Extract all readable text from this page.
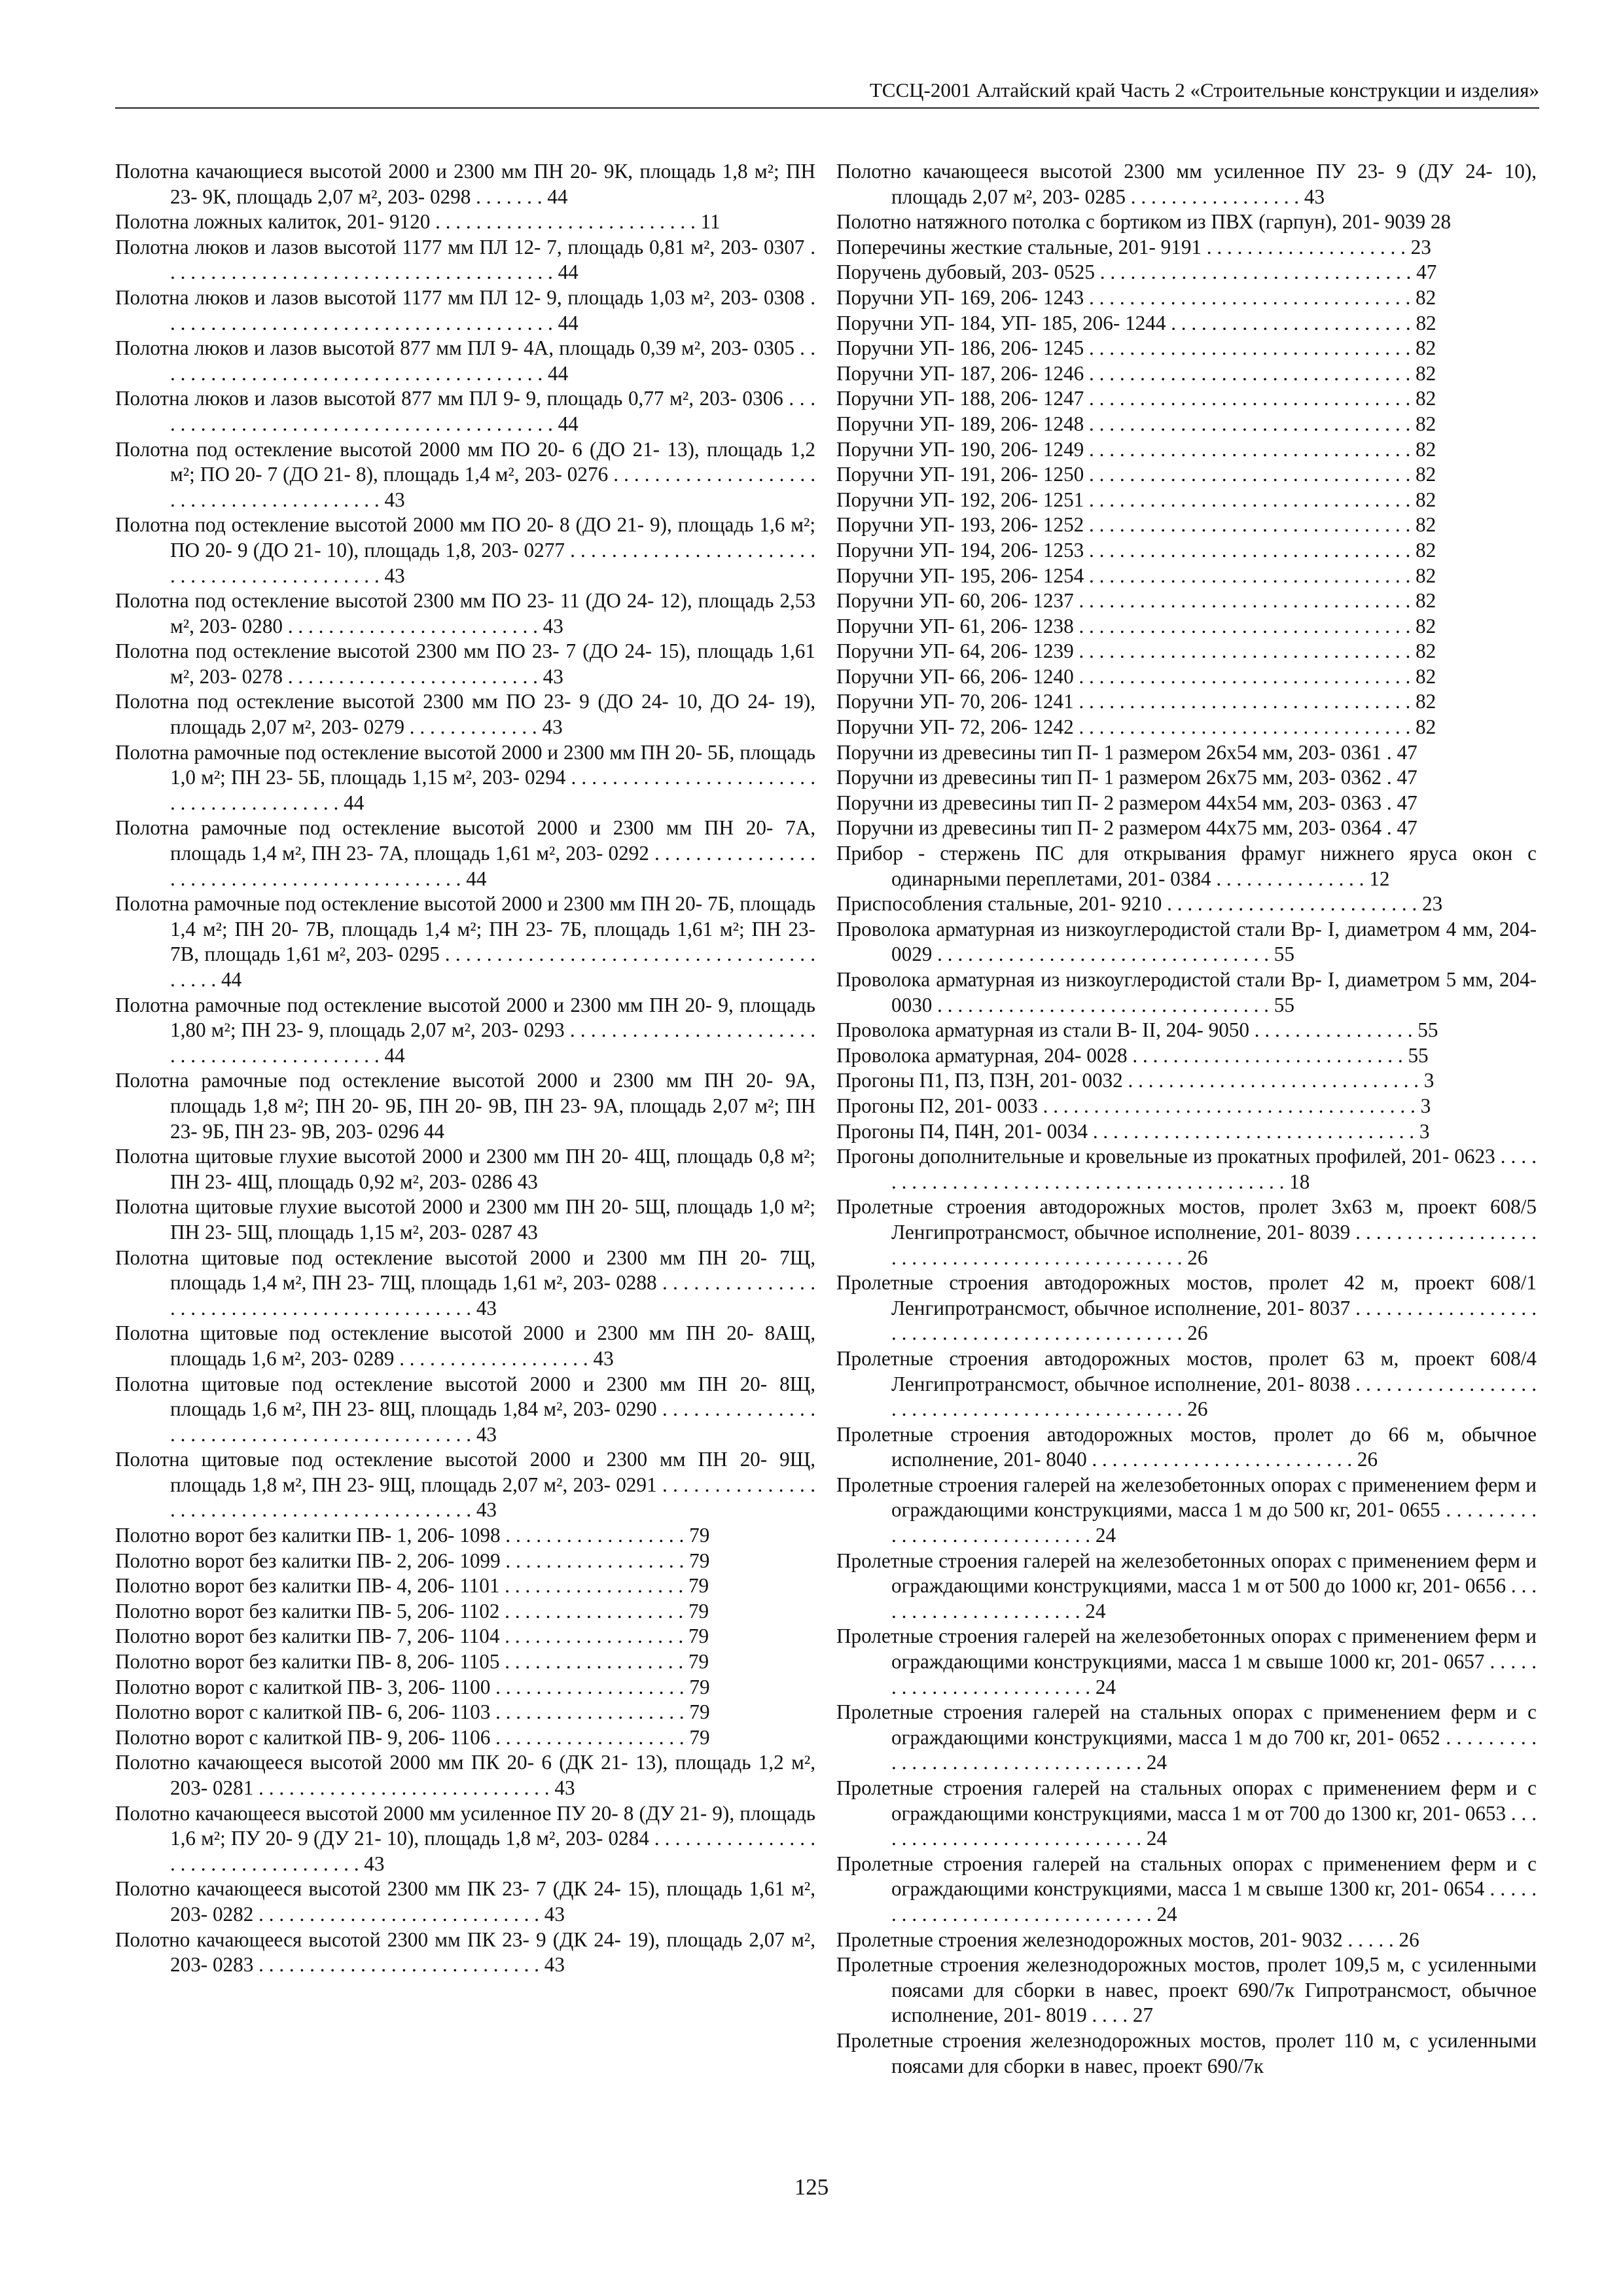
ТССЦ-2001 Алтайский край Часть 2 «Строительные конструкции и изделия»
Полотна качающиеся высотой 2000 и 2300 мм ПН 20- 9К, площадь 1,8 м²; ПН 23- 9К, площадь 2,07 м², 203- 0298 . . . . . . . 44
Полотна ложных калиток, 201- 9120 . . . . . . . . . . . . . . . . . . . . . . . . . . 11
Полотна люков и лазов высотой 1177 мм ПЛ 12- 7, площадь 0,81 м², 203- 0307 . . . . . . . . . . . . . . . . . . . . . . . . . . . . . . . . . . . . . . . 44
Полотна люков и лазов высотой 1177 мм ПЛ 12- 9, площадь 1,03 м², 203- 0308 . . . . . . . . . . . . . . . . . . . . . . . . . . . . . . . . . . . . . . . 44
Полотна люков и лазов высотой 877 мм ПЛ 9- 4А, площадь 0,39 м², 203- 0305 . . . . . . . . . . . . . . . . . . . . . . . . . . . . . . . . . . . . . . . 44
Полотна люков и лазов высотой 877 мм ПЛ 9- 9, площадь 0,77 м², 203- 0306 . . . . . . . . . . . . . . . . . . . . . . . . . . . . . . . . . . . . . . . . . 44
Полотна под остекление высотой 2000 мм ПО 20- 6 (ДО 21- 13), площадь 1,2 м²; ПО 20- 7 (ДО 21- 8), площадь 1,4 м², 203- 0276 . . . . . . . . . . . . . . . . . . . . . . . . . . . . . . . . . . . . . . . . . 43
Полотна под остекление высотой 2000 мм ПО 20- 8 (ДО 21- 9), площадь 1,6 м²; ПО 20- 9 (ДО 21- 10), площадь 1,8, 203- 0277 . . . . . . . . . . . . . . . . . . . . . . . . . . . . . . . . . . . . . . . . . . . . . 43
Полотна под остекление высотой 2300 мм ПО 23- 11 (ДО 24- 12), площадь 2,53 м², 203- 0280 . . . . . . . . . . . . . . . . . . . . . . . . . 43
Полотна под остекление высотой 2300 мм ПО 23- 7 (ДО 24- 15), площадь 1,61 м², 203- 0278 . . . . . . . . . . . . . . . . . . . . . . . . . 43
Полотна под остекление высотой 2300 мм ПО 23- 9 (ДО 24- 10, ДО 24- 19), площадь 2,07 м², 203- 0279 . . . . . . . . . . . . . 43
Полотна рамочные под остекление высотой 2000 и 2300 мм ПН 20- 5Б, площадь 1,0 м²; ПН 23- 5Б, площадь 1,15 м², 203- 0294 . . . . . . . . . . . . . . . . . . . . . . . . . . . . . . . . . . . . . . . . . 44
Полотна рамочные под остекление высотой 2000 и 2300 мм ПН 20- 7А, площадь 1,4 м², ПН 23- 7А, площадь 1,61 м², 203- 0292 . . . . . . . . . . . . . . . . . . . . . . . . . . . . . . . . . . . . . . . . . . . . . 44
Полотна рамочные под остекление высотой 2000 и 2300 мм ПН 20- 7Б, площадь 1,4 м²; ПН 20- 7В, площадь 1,4 м²; ПН 23- 7Б, площадь 1,61 м²; ПН 23- 7В, площадь 1,61 м², 203- 0295 . . . . . . . . . . . . . . . . . . . . . . . . . . . . . . . . . . . . . . . . . 44
Полотна рамочные под остекление высотой 2000 и 2300 мм ПН 20- 9, площадь 1,80 м²; ПН 23- 9, площадь 2,07 м², 203- 0293 . . . . . . . . . . . . . . . . . . . . . . . . . . . . . . . . . . . . . . . . . . . . . 44
Полотна рамочные под остекление высотой 2000 и 2300 мм ПН 20- 9А, площадь 1,8 м²; ПН 20- 9Б, ПН 20- 9В, ПН 23- 9А, площадь 2,07 м²; ПН 23- 9Б, ПН 23- 9В, 203- 0296 44
Полотна щитовые глухие высотой 2000 и 2300 мм ПН 20- 4Щ, площадь 0,8 м²; ПН 23- 4Щ, площадь 0,92 м², 203- 0286 43
Полотна щитовые глухие высотой 2000 и 2300 мм ПН 20- 5Щ, площадь 1,0 м²; ПН 23- 5Щ, площадь 1,15 м², 203- 0287 43
Полотна щитовые под остекление высотой 2000 и 2300 мм ПН 20- 7Щ, площадь 1,4 м², ПН 23- 7Щ, площадь 1,61 м², 203- 0288 . . . . . . . . . . . . . . . . . . . . . . . . . . . . . . . . . . . . . . . . . . . . . 43
Полотна щитовые под остекление высотой 2000 и 2300 мм ПН 20- 8АЩ, площадь 1,6 м², 203- 0289 . . . . . . . . . . . . . . . . . . . 43
Полотна щитовые под остекление высотой 2000 и 2300 мм ПН 20- 8Щ, площадь 1,6 м², ПН 23- 8Щ, площадь 1,84 м², 203- 0290 . . . . . . . . . . . . . . . . . . . . . . . . . . . . . . . . . . . . . . . . . . . . . 43
Полотна щитовые под остекление высотой 2000 и 2300 мм ПН 20- 9Щ, площадь 1,8 м², ПН 23- 9Щ, площадь 2,07 м², 203- 0291 . . . . . . . . . . . . . . . . . . . . . . . . . . . . . . . . . . . . . . . . . . . . . 43
Полотно ворот без калитки ПВ- 1, 206- 1098 . . . . . . . . . . . . . . . . . . 79
Полотно ворот без калитки ПВ- 2, 206- 1099 . . . . . . . . . . . . . . . . . . 79
Полотно ворот без калитки ПВ- 4, 206- 1101 . . . . . . . . . . . . . . . . . . 79
Полотно ворот без калитки ПВ- 5, 206- 1102 . . . . . . . . . . . . . . . . . . 79
Полотно ворот без калитки ПВ- 7, 206- 1104 . . . . . . . . . . . . . . . . . . 79
Полотно ворот без калитки ПВ- 8, 206- 1105 . . . . . . . . . . . . . . . . . . 79
Полотно ворот с калиткой ПВ- 3, 206- 1100 . . . . . . . . . . . . . . . . . . . 79
Полотно ворот с калиткой ПВ- 6, 206- 1103 . . . . . . . . . . . . . . . . . . . 79
Полотно ворот с калиткой ПВ- 9, 206- 1106 . . . . . . . . . . . . . . . . . . . 79
Полотно качающееся высотой 2000 мм ПК 20- 6 (ДК 21- 13), площадь 1,2 м², 203- 0281 . . . . . . . . . . . . . . . . . . . . . . . . . . . . . 43
Полотно качающееся высотой 2000 мм усиленное ПУ 20- 8 (ДУ 21- 9), площадь 1,6 м²; ПУ 20- 9 (ДУ 21- 10), площадь 1,8 м², 203- 0284 . . . . . . . . . . . . . . . . . . . . . . . . . . . . . . . . . . . 43
Полотно качающееся высотой 2300 мм ПК 23- 7 (ДК 24- 15), площадь 1,61 м², 203- 0282 . . . . . . . . . . . . . . . . . . . . . . . . . . . . 43
Полотно качающееся высотой 2300 мм ПК 23- 9 (ДК 24- 19), площадь 2,07 м², 203- 0283 . . . . . . . . . . . . . . . . . . . . . . . . . . . . 43
Полотно качающееся высотой 2300 мм усиленное ПУ 23- 9 (ДУ 24- 10), площадь 2,07 м², 203- 0285 . . . . . . . . . . . . . . . . . 43
Полотно натяжного потолка с бортиком из ПВХ (гарпун), 201- 9039 28
Поперечины жесткие стальные, 201- 9191 . . . . . . . . . . . . . . . . . . . . 23
Поручень дубовый, 203- 0525 . . . . . . . . . . . . . . . . . . . . . . . . . . . . . . . 47
Поручни УП- 169, 206- 1243 . . . . . . . . . . . . . . . . . . . . . . . . . . . . . . . . 82
Поручни УП- 184, УП- 185, 206- 1244 . . . . . . . . . . . . . . . . . . . . . . . . 82
Поручни УП- 186, 206- 1245 . . . . . . . . . . . . . . . . . . . . . . . . . . . . . . . . 82
Поручни УП- 187, 206- 1246 . . . . . . . . . . . . . . . . . . . . . . . . . . . . . . . . 82
Поручни УП- 188, 206- 1247 . . . . . . . . . . . . . . . . . . . . . . . . . . . . . . . . 82
Поручни УП- 189, 206- 1248 . . . . . . . . . . . . . . . . . . . . . . . . . . . . . . . . 82
Поручни УП- 190, 206- 1249 . . . . . . . . . . . . . . . . . . . . . . . . . . . . . . . . 82
Поручни УП- 191, 206- 1250 . . . . . . . . . . . . . . . . . . . . . . . . . . . . . . . . 82
Поручни УП- 192, 206- 1251 . . . . . . . . . . . . . . . . . . . . . . . . . . . . . . . . 82
Поручни УП- 193, 206- 1252 . . . . . . . . . . . . . . . . . . . . . . . . . . . . . . . . 82
Поручни УП- 194, 206- 1253 . . . . . . . . . . . . . . . . . . . . . . . . . . . . . . . . 82
Поручни УП- 195, 206- 1254 . . . . . . . . . . . . . . . . . . . . . . . . . . . . . . . . 82
Поручни УП- 60, 206- 1237 . . . . . . . . . . . . . . . . . . . . . . . . . . . . . . . . . 82
Поручни УП- 61, 206- 1238 . . . . . . . . . . . . . . . . . . . . . . . . . . . . . . . . . 82
Поручни УП- 64, 206- 1239 . . . . . . . . . . . . . . . . . . . . . . . . . . . . . . . . . 82
Поручни УП- 66, 206- 1240 . . . . . . . . . . . . . . . . . . . . . . . . . . . . . . . . . 82
Поручни УП- 70, 206- 1241 . . . . . . . . . . . . . . . . . . . . . . . . . . . . . . . . . 82
Поручни УП- 72, 206- 1242 . . . . . . . . . . . . . . . . . . . . . . . . . . . . . . . . . 82
Поручни из древесины тип П- 1 размером 26х54 мм, 203- 0361 . 47
Поручни из древесины тип П- 1 размером 26х75 мм, 203- 0362 . 47
Поручни из древесины тип П- 2 размером 44х54 мм, 203- 0363 . 47
Поручни из древесины тип П- 2 размером 44х75 мм, 203- 0364 . 47
Прибор - стержень ПС для открывания фрамуг нижнего яруса окон с одинарными переплетами, 201- 0384 . . . . . . . . . . . . . . . 12
Приспособления стальные, 201- 9210 . . . . . . . . . . . . . . . . . . . . . . . . . 23
Проволока арматурная из низкоуглеродистой стали Вр- I, диаметром 4 мм, 204- 0029 . . . . . . . . . . . . . . . . . . . . . . . . . . . . . . . . . 55
Проволока арматурная из низкоуглеродистой стали Вр- I, диаметром 5 мм, 204- 0030 . . . . . . . . . . . . . . . . . . . . . . . . . . . . . . . . . 55
Проволока арматурная из стали В- II, 204- 9050 . . . . . . . . . . . . . . . . 55
Проволока арматурная, 204- 0028 . . . . . . . . . . . . . . . . . . . . . . . . . . . 55
Прогоны П1, П3, П3Н, 201- 0032 . . . . . . . . . . . . . . . . . . . . . . . . . . . . . 3
Прогоны П2, 201- 0033 . . . . . . . . . . . . . . . . . . . . . . . . . . . . . . . . . . . . . 3
Прогоны П4, П4Н, 201- 0034 . . . . . . . . . . . . . . . . . . . . . . . . . . . . . . . . 3
Прогоны дополнительные и кровельные из прокатных профилей, 201- 0623 . . . . . . . . . . . . . . . . . . . . . . . . . . . . . . . . . . . . . . . . . . . 18
Пролетные строения автодорожных мостов, пролет 3х63 м, проект 608/5 Ленгипротрансмост, обычное исполнение, 201- 8039 . . . . . . . . . . . . . . . . . . . . . . . . . . . . . . . . . . . . . . . . . . . . . . . 26
Пролетные строения автодорожных мостов, пролет 42 м, проект 608/1 Ленгипротрансмост, обычное исполнение, 201- 8037 . . . . . . . . . . . . . . . . . . . . . . . . . . . . . . . . . . . . . . . . . . . . . . . 26
Пролетные строения автодорожных мостов, пролет 63 м, проект 608/4 Ленгипротрансмост, обычное исполнение, 201- 8038 . . . . . . . . . . . . . . . . . . . . . . . . . . . . . . . . . . . . . . . . . . . . . . . 26
Пролетные строения автодорожных мостов, пролет до 66 м, обычное исполнение, 201- 8040 . . . . . . . . . . . . . . . . . . . . . . . . . . 26
Пролетные строения галерей на железобетонных опорах с применением ферм и ограждающими конструкциями, масса 1 м до 500 кг, 201- 0655 . . . . . . . . . . . . . . . . . . . . . . . . . . . . . 24
Пролетные строения галерей на железобетонных опорах с применением ферм и ограждающими конструкциями, масса 1 м от 500 до 1000 кг, 201- 0656 . . . . . . . . . . . . . . . . . . . . . . 24
Пролетные строения галерей на железобетонных опорах с применением ферм и ограждающими конструкциями, масса 1 м свыше 1000 кг, 201- 0657 . . . . . . . . . . . . . . . . . . . . . . . . . 24
Пролетные строения галерей на стальных опорах с применением ферм и с ограждающими конструкциями, масса 1 м до 700 кг, 201- 0652 . . . . . . . . . . . . . . . . . . . . . . . . . . . . . . . . . . 24
Пролетные строения галерей на стальных опорах с применением ферм и с ограждающими конструкциями, масса 1 м от 700 до 1300 кг, 201- 0653 . . . . . . . . . . . . . . . . . . . . . . . . . . . . 24
Пролетные строения галерей на стальных опорах с применением ферм и с ограждающими конструкциями, масса 1 м свыше 1300 кг, 201- 0654 . . . . . . . . . . . . . . . . . . . . . . . . . . . . . . . 24
Пролетные строения железнодорожных мостов, 201- 9032 . . . . . 26
Пролетные строения железнодорожных мостов, пролет 109,5 м, с усиленными поясами для сборки в навес, проект 690/7к Гипротрансмост, обычное исполнение, 201- 8019 . . . . 27
Пролетные строения железнодорожных мостов, пролет 110 м, с усиленными поясами для сборки в навес, проект 690/7к
125
